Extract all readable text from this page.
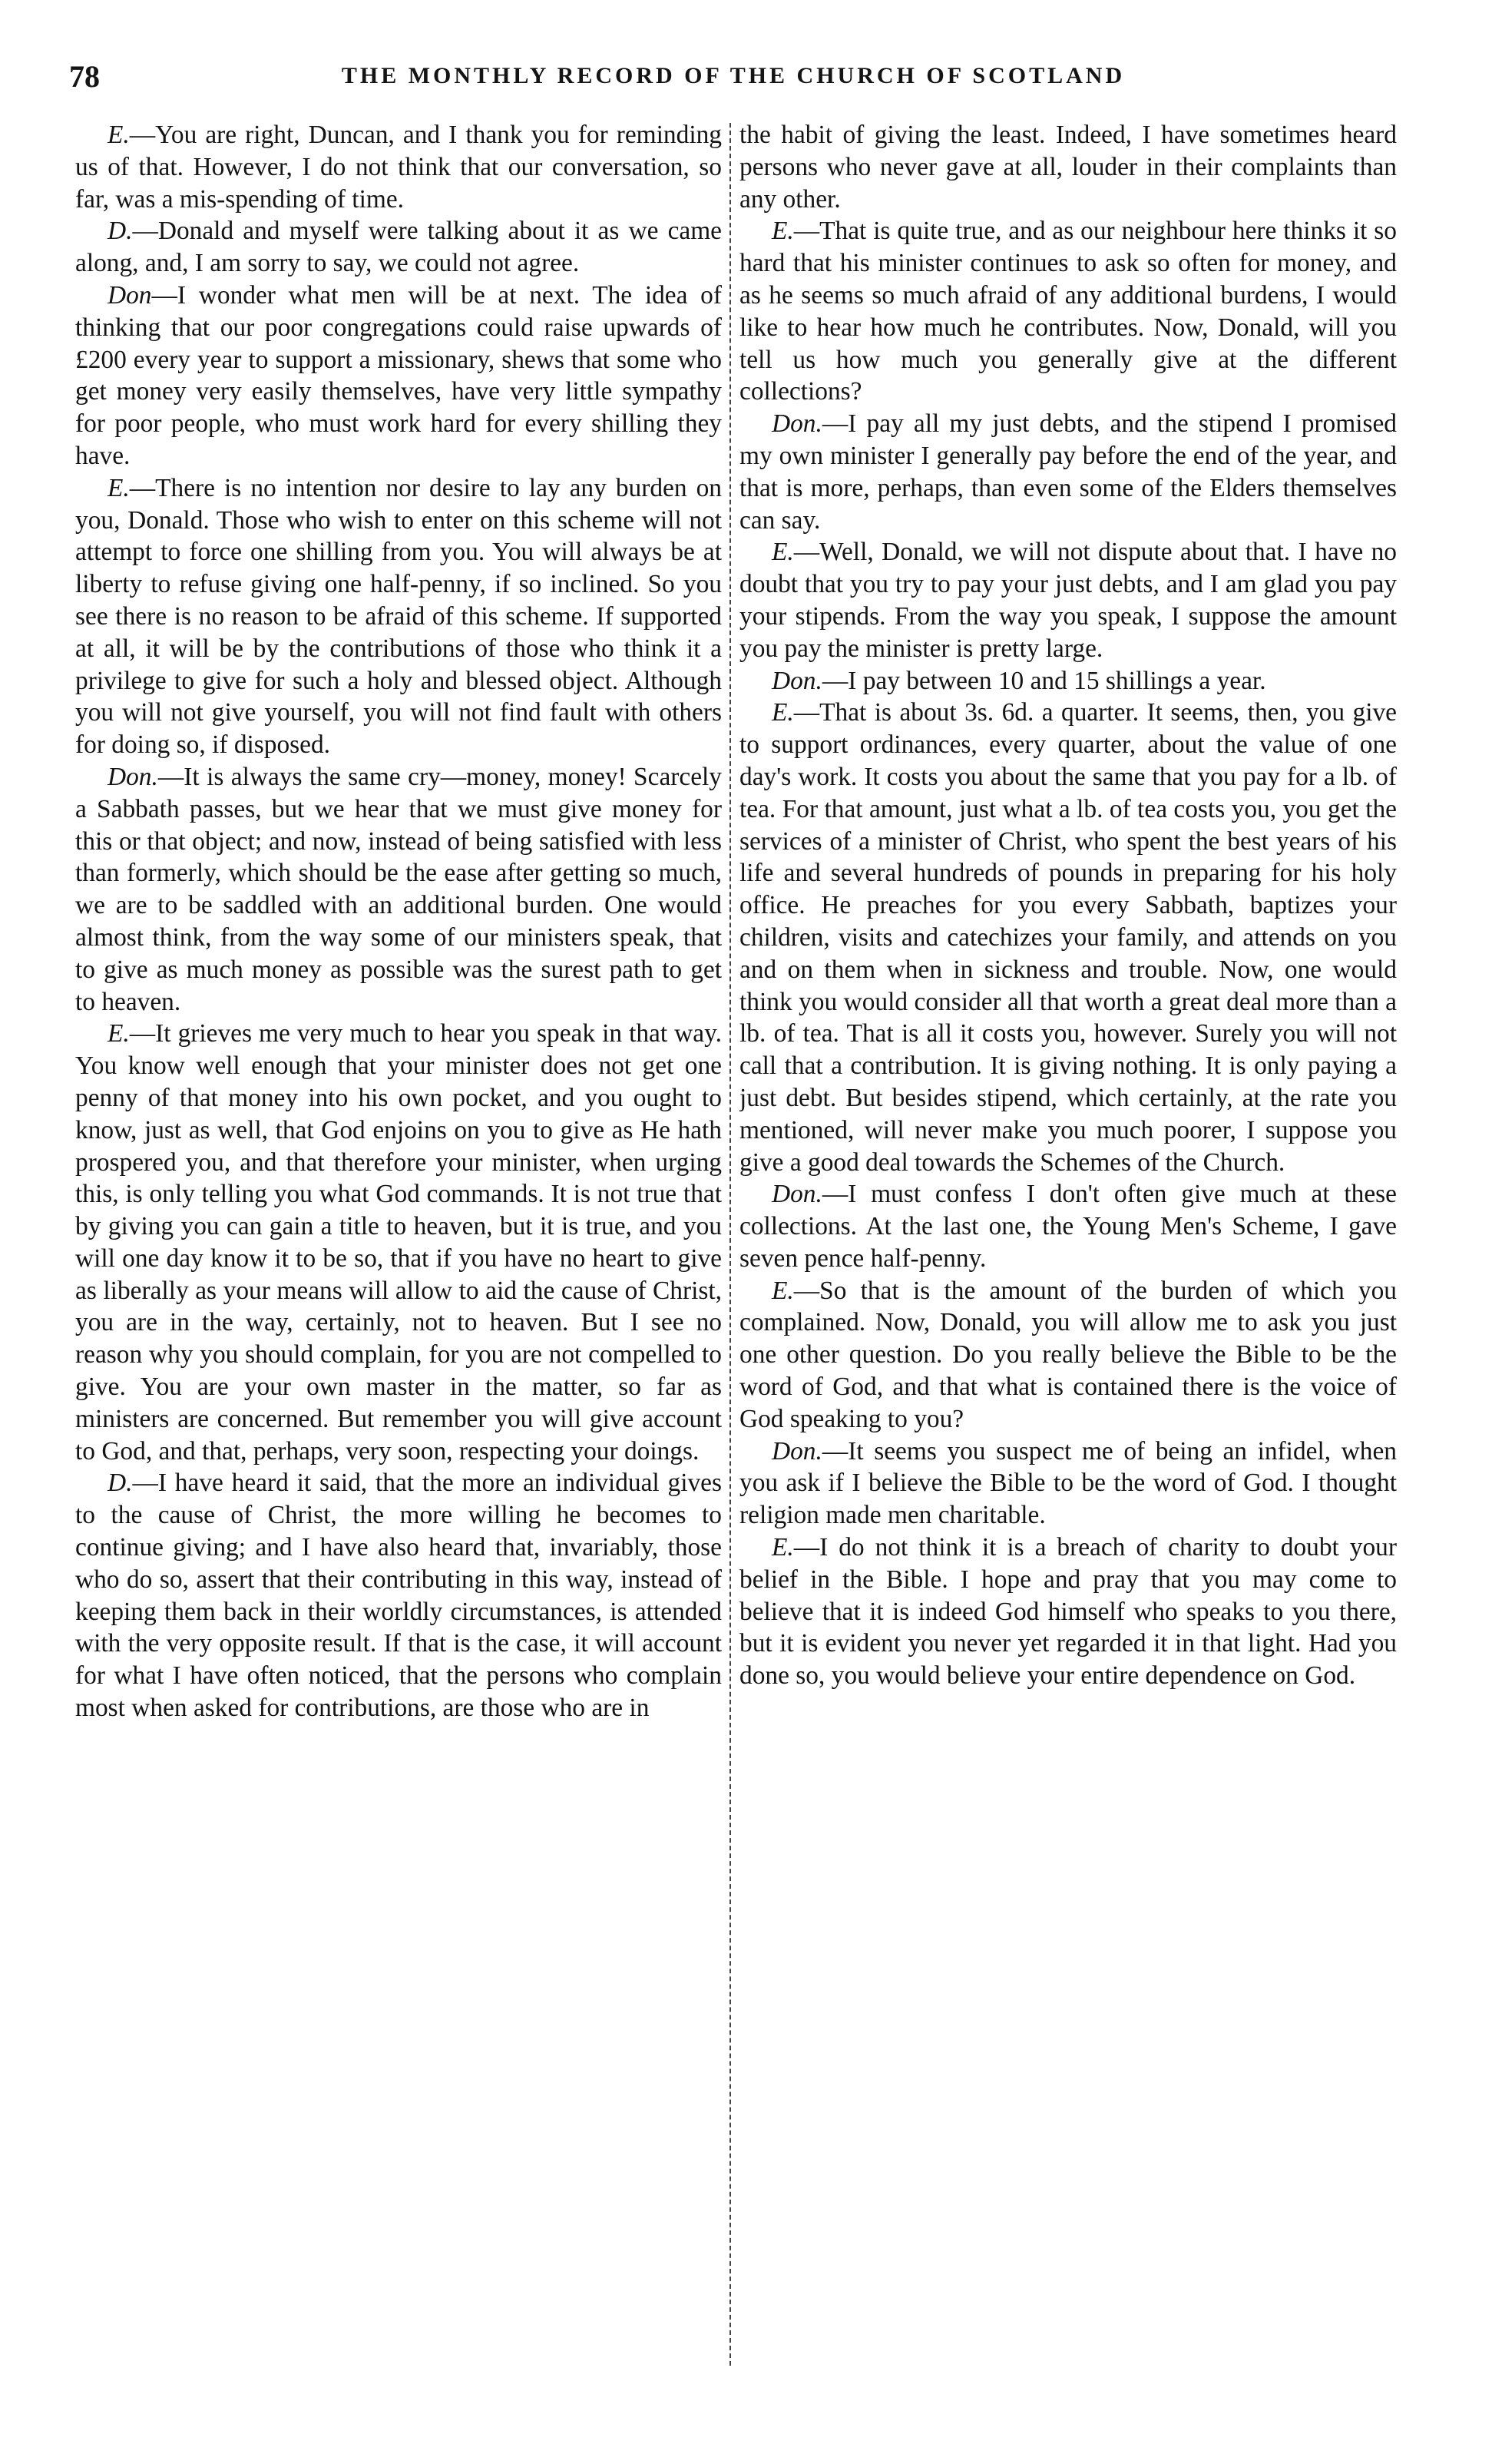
78	THE MONTHLY RECORD OF THE CHURCH OF SCOTLAND

E.—You are right, Duncan, and I thank you for reminding us of that. However, I do not think that our conversation, so far, was a mis-spending of time.

D.—Donald and myself were talking about it as we came along, and, I am sorry to say, we could not agree.

Don—I wonder what men will be at next. The idea of thinking that our poor congregations could raise upwards of £200 every year to support a missionary, shews that some who get money very easily themselves, have very little sympathy for poor people, who must work hard for every shilling they have.

E.—There is no intention nor desire to lay any burden on you, Donald. Those who wish to enter on this scheme will not attempt to force one shilling from you. You will always be at liberty to refuse giving one half-penny, if so inclined. So you see there is no reason to be afraid of this scheme. If supported at all, it will be by the contributions of those who think it a privilege to give for such a holy and blessed object. Although you will not give yourself, you will not find fault with others for doing so, if disposed.

Don.—It is always the same cry—money, money! Scarcely a Sabbath passes, but we hear that we must give money for this or that object; and now, instead of being satisfied with less than formerly, which should be the ease after getting so much, we are to be saddled with an additional burden. One would almost think, from the way some of our ministers speak, that to give as much money as possible was the surest path to get to heaven.

E.—It grieves me very much to hear you speak in that way. You know well enough that your minister does not get one penny of that money into his own pocket, and you ought to know, just as well, that God enjoins on you to give as He hath prospered you, and that therefore your minister, when urging this, is only telling you what God commands. It is not true that by giving you can gain a title to heaven, but it is true, and you will one day know it to be so, that if you have no heart to give as liberally as your means will allow to aid the cause of Christ, you are in the way, certainly, not to heaven. But I see no reason why you should complain, for you are not compelled to give. You are your own master in the matter, so far as ministers are concerned. But remember you will give account to God, and that, perhaps, very soon, respecting your doings.

D.—I have heard it said, that the more an individual gives to the cause of Christ, the more willing he becomes to continue giving; and I have also heard that, invariably, those who do so, assert that their contributing in this way, instead of keeping them back in their worldly circumstances, is attended with the very opposite result. If that is the case, it will account for what I have often noticed, that the persons who complain most when asked for contributions, are those who are in

the habit of giving the least. Indeed, I have sometimes heard persons who never gave at all, louder in their complaints than any other.

E.—That is quite true, and as our neighbour here thinks it so hard that his minister continues to ask so often for money, and as he seems so much afraid of any additional burdens, I would like to hear how much he contributes. Now, Donald, will you tell us how much you generally give at the different collections?

Don.—I pay all my just debts, and the stipend I promised my own minister I generally pay before the end of the year, and that is more, perhaps, than even some of the Elders themselves can say.

E.—Well, Donald, we will not dispute about that. I have no doubt that you try to pay your just debts, and I am glad you pay your stipends. From the way you speak, I suppose the amount you pay the minister is pretty large.

Don.—I pay between 10 and 15 shillings a year.

E.—That is about 3s. 6d. a quarter. It seems, then, you give to support ordinances, every quarter, about the value of one day's work. It costs you about the same that you pay for a lb. of tea. For that amount, just what a lb. of tea costs you, you get the services of a minister of Christ, who spent the best years of his life and several hundreds of pounds in preparing for his holy office. He preaches for you every Sabbath, baptizes your children, visits and catechizes your family, and attends on you and on them when in sickness and trouble. Now, one would think you would consider all that worth a great deal more than a lb. of tea. That is all it costs you, however. Surely you will not call that a contribution. It is giving nothing. It is only paying a just debt. But besides stipend, which certainly, at the rate you mentioned, will never make you much poorer, I suppose you give a good deal towards the Schemes of the Church.

Don.—I must confess I don't often give much at these collections. At the last one, the Young Men's Scheme, I gave seven pence half-penny.

E.—So that is the amount of the burden of which you complained. Now, Donald, you will allow me to ask you just one other question. Do you really believe the Bible to be the word of God, and that what is contained there is the voice of God speaking to you?

Don.—It seems you suspect me of being an infidel, when you ask if I believe the Bible to be the word of God. I thought religion made men charitable.

E.—I do not think it is a breach of charity to doubt your belief in the Bible. I hope and pray that you may come to believe that it is indeed God himself who speaks to you there, but it is evident you never yet regarded it in that light. Had you done so, you would believe your entire dependence on God.
